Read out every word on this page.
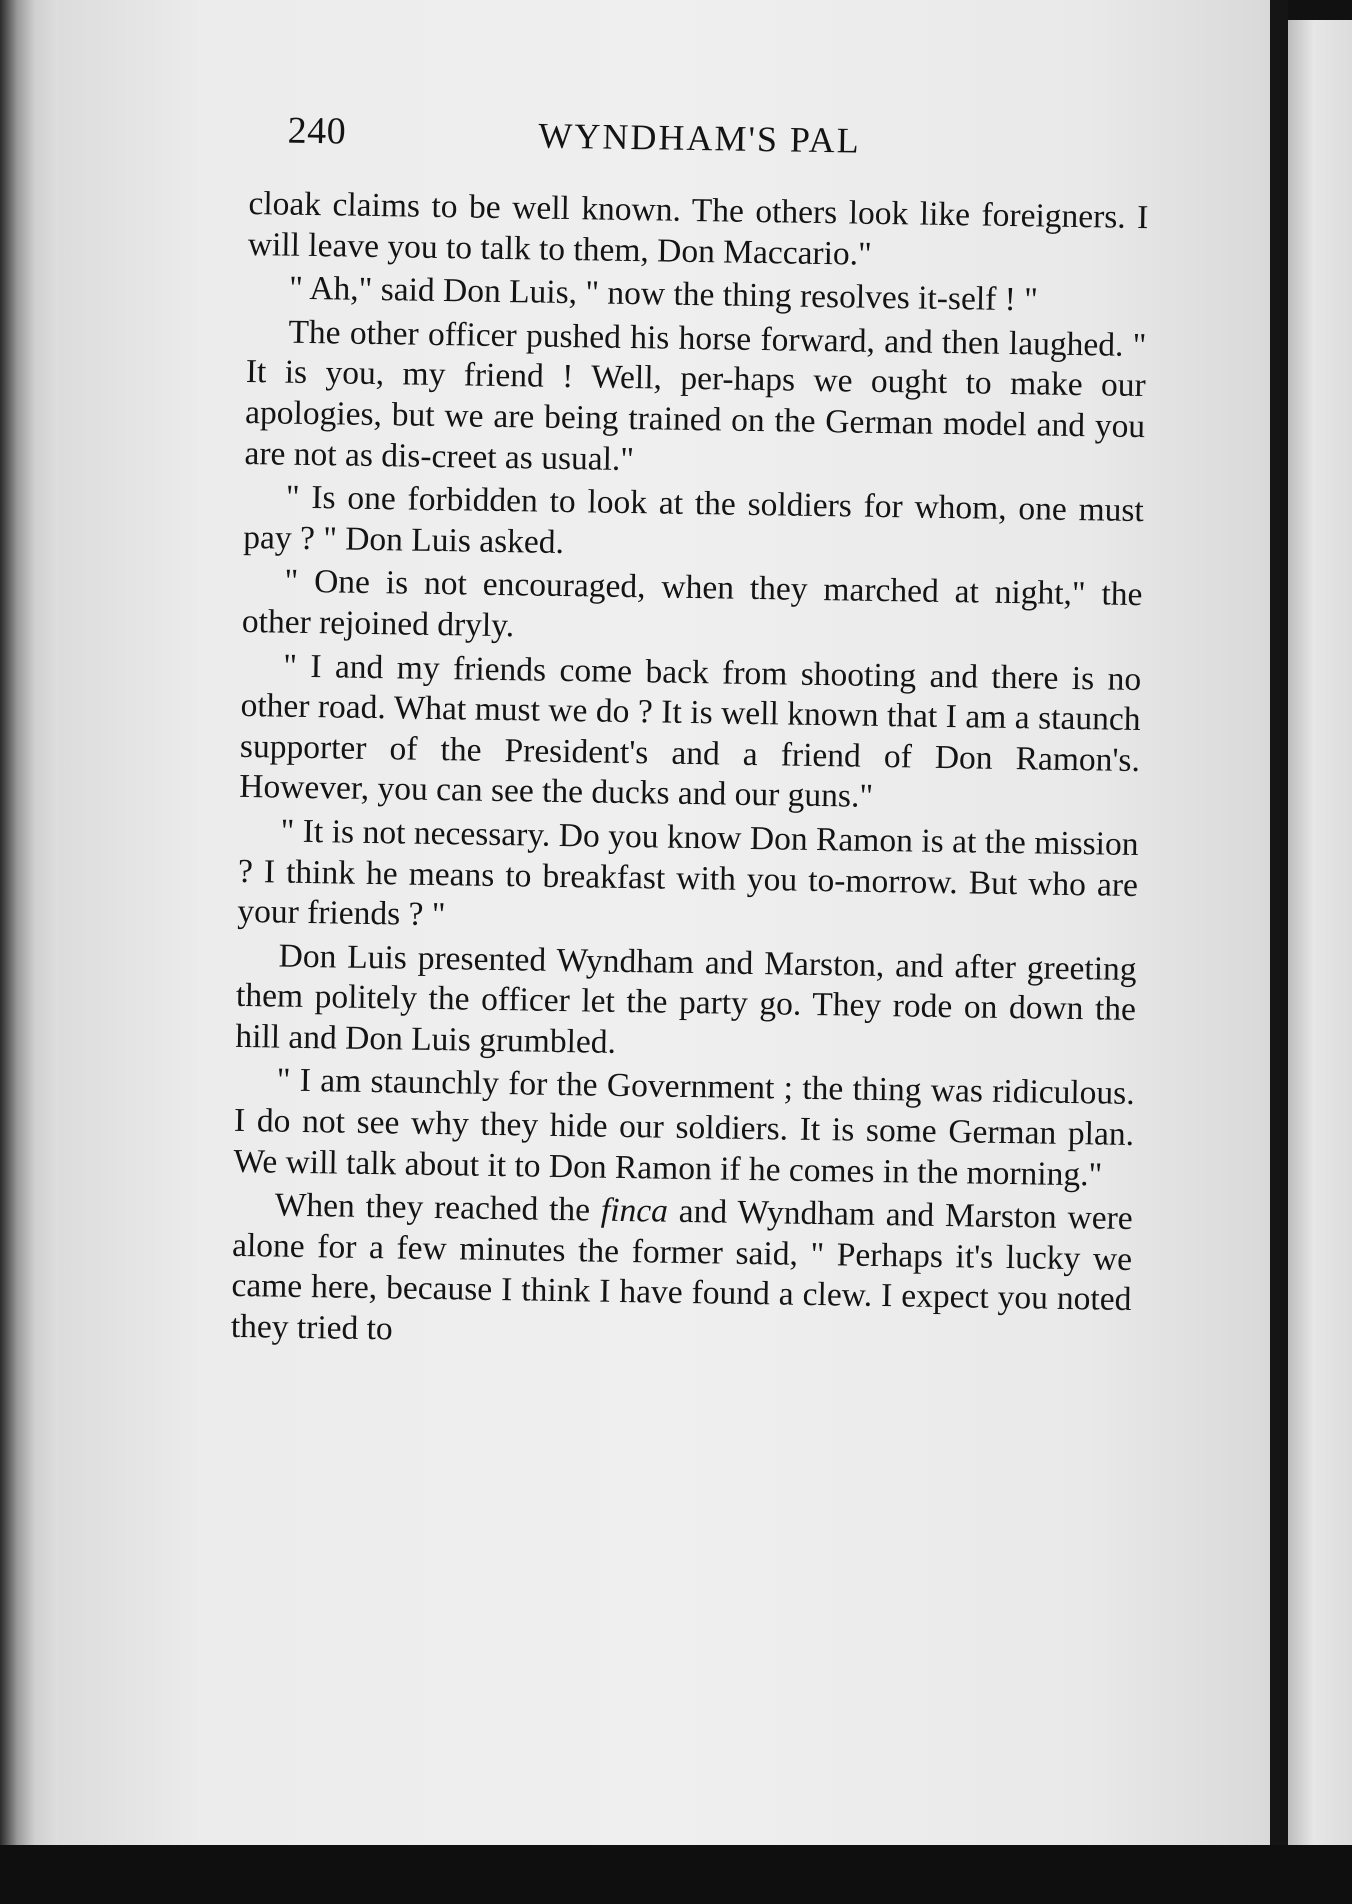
240	WYNDHAM'S PAL

cloak claims to be well known. The others look like foreigners. I will leave you to talk to them, Don Maccario."

" Ah," said Don Luis, " now the thing resolves it-self ! "

The other officer pushed his horse forward, and then laughed. " It is you, my friend ! Well, per-haps we ought to make our apologies, but we are being trained on the German model and you are not as dis-creet as usual."

" Is one forbidden to look at the soldiers for whom, one must pay ? " Don Luis asked.

" One is not encouraged, when they marched at night," the other rejoined dryly.

" I and my friends come back from shooting and there is no other road. What must we do ? It is well known that I am a staunch supporter of the President's and a friend of Don Ramon's. However, you can see the ducks and our guns."

" It is not necessary. Do you know Don Ramon is at the mission ? I think he means to breakfast with you to-morrow. But who are your friends ? "

Don Luis presented Wyndham and Marston, and after greeting them politely the officer let the party go. They rode on down the hill and Don Luis grumbled.

" I am staunchly for the Government ; the thing was ridiculous. I do not see why they hide our soldiers. It is some German plan. We will talk about it to Don Ramon if he comes in the morning."

When they reached the finca and Wyndham and Marston were alone for a few minutes the former said, " Perhaps it's lucky we came here, because I think I have found a clew. I expect you noted they tried to
